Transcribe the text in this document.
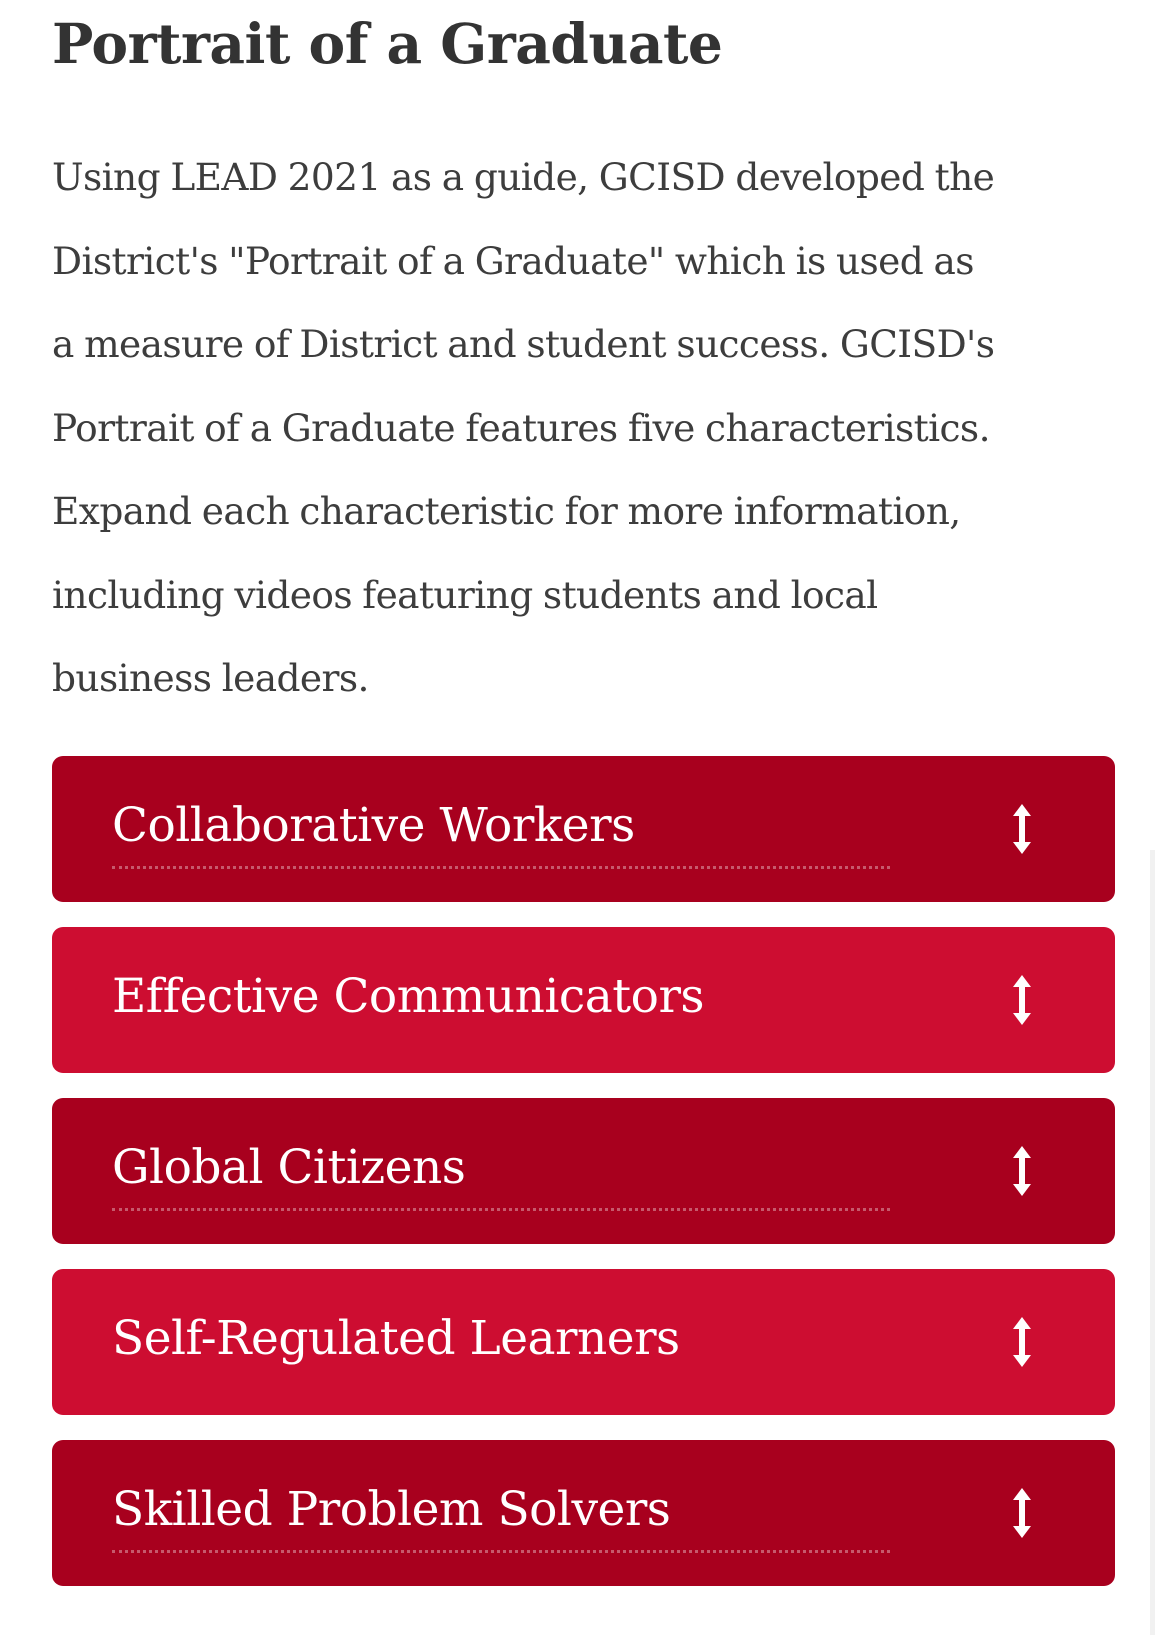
Portrait of a Graduate

Using LEAD 2021 as a guide, GCISD developed the
District's "Portrait of a Graduate" which is used as
a measure of District and student success. GCISD's
Portrait of a Graduate features five characteristics.
Expand each characteristic for more information,
including videos featuring students and local
business leaders.

Collaborative Workers
Effective Communicators
Global Citizens
Self-Regulated Learners
Skilled Problem Solvers
